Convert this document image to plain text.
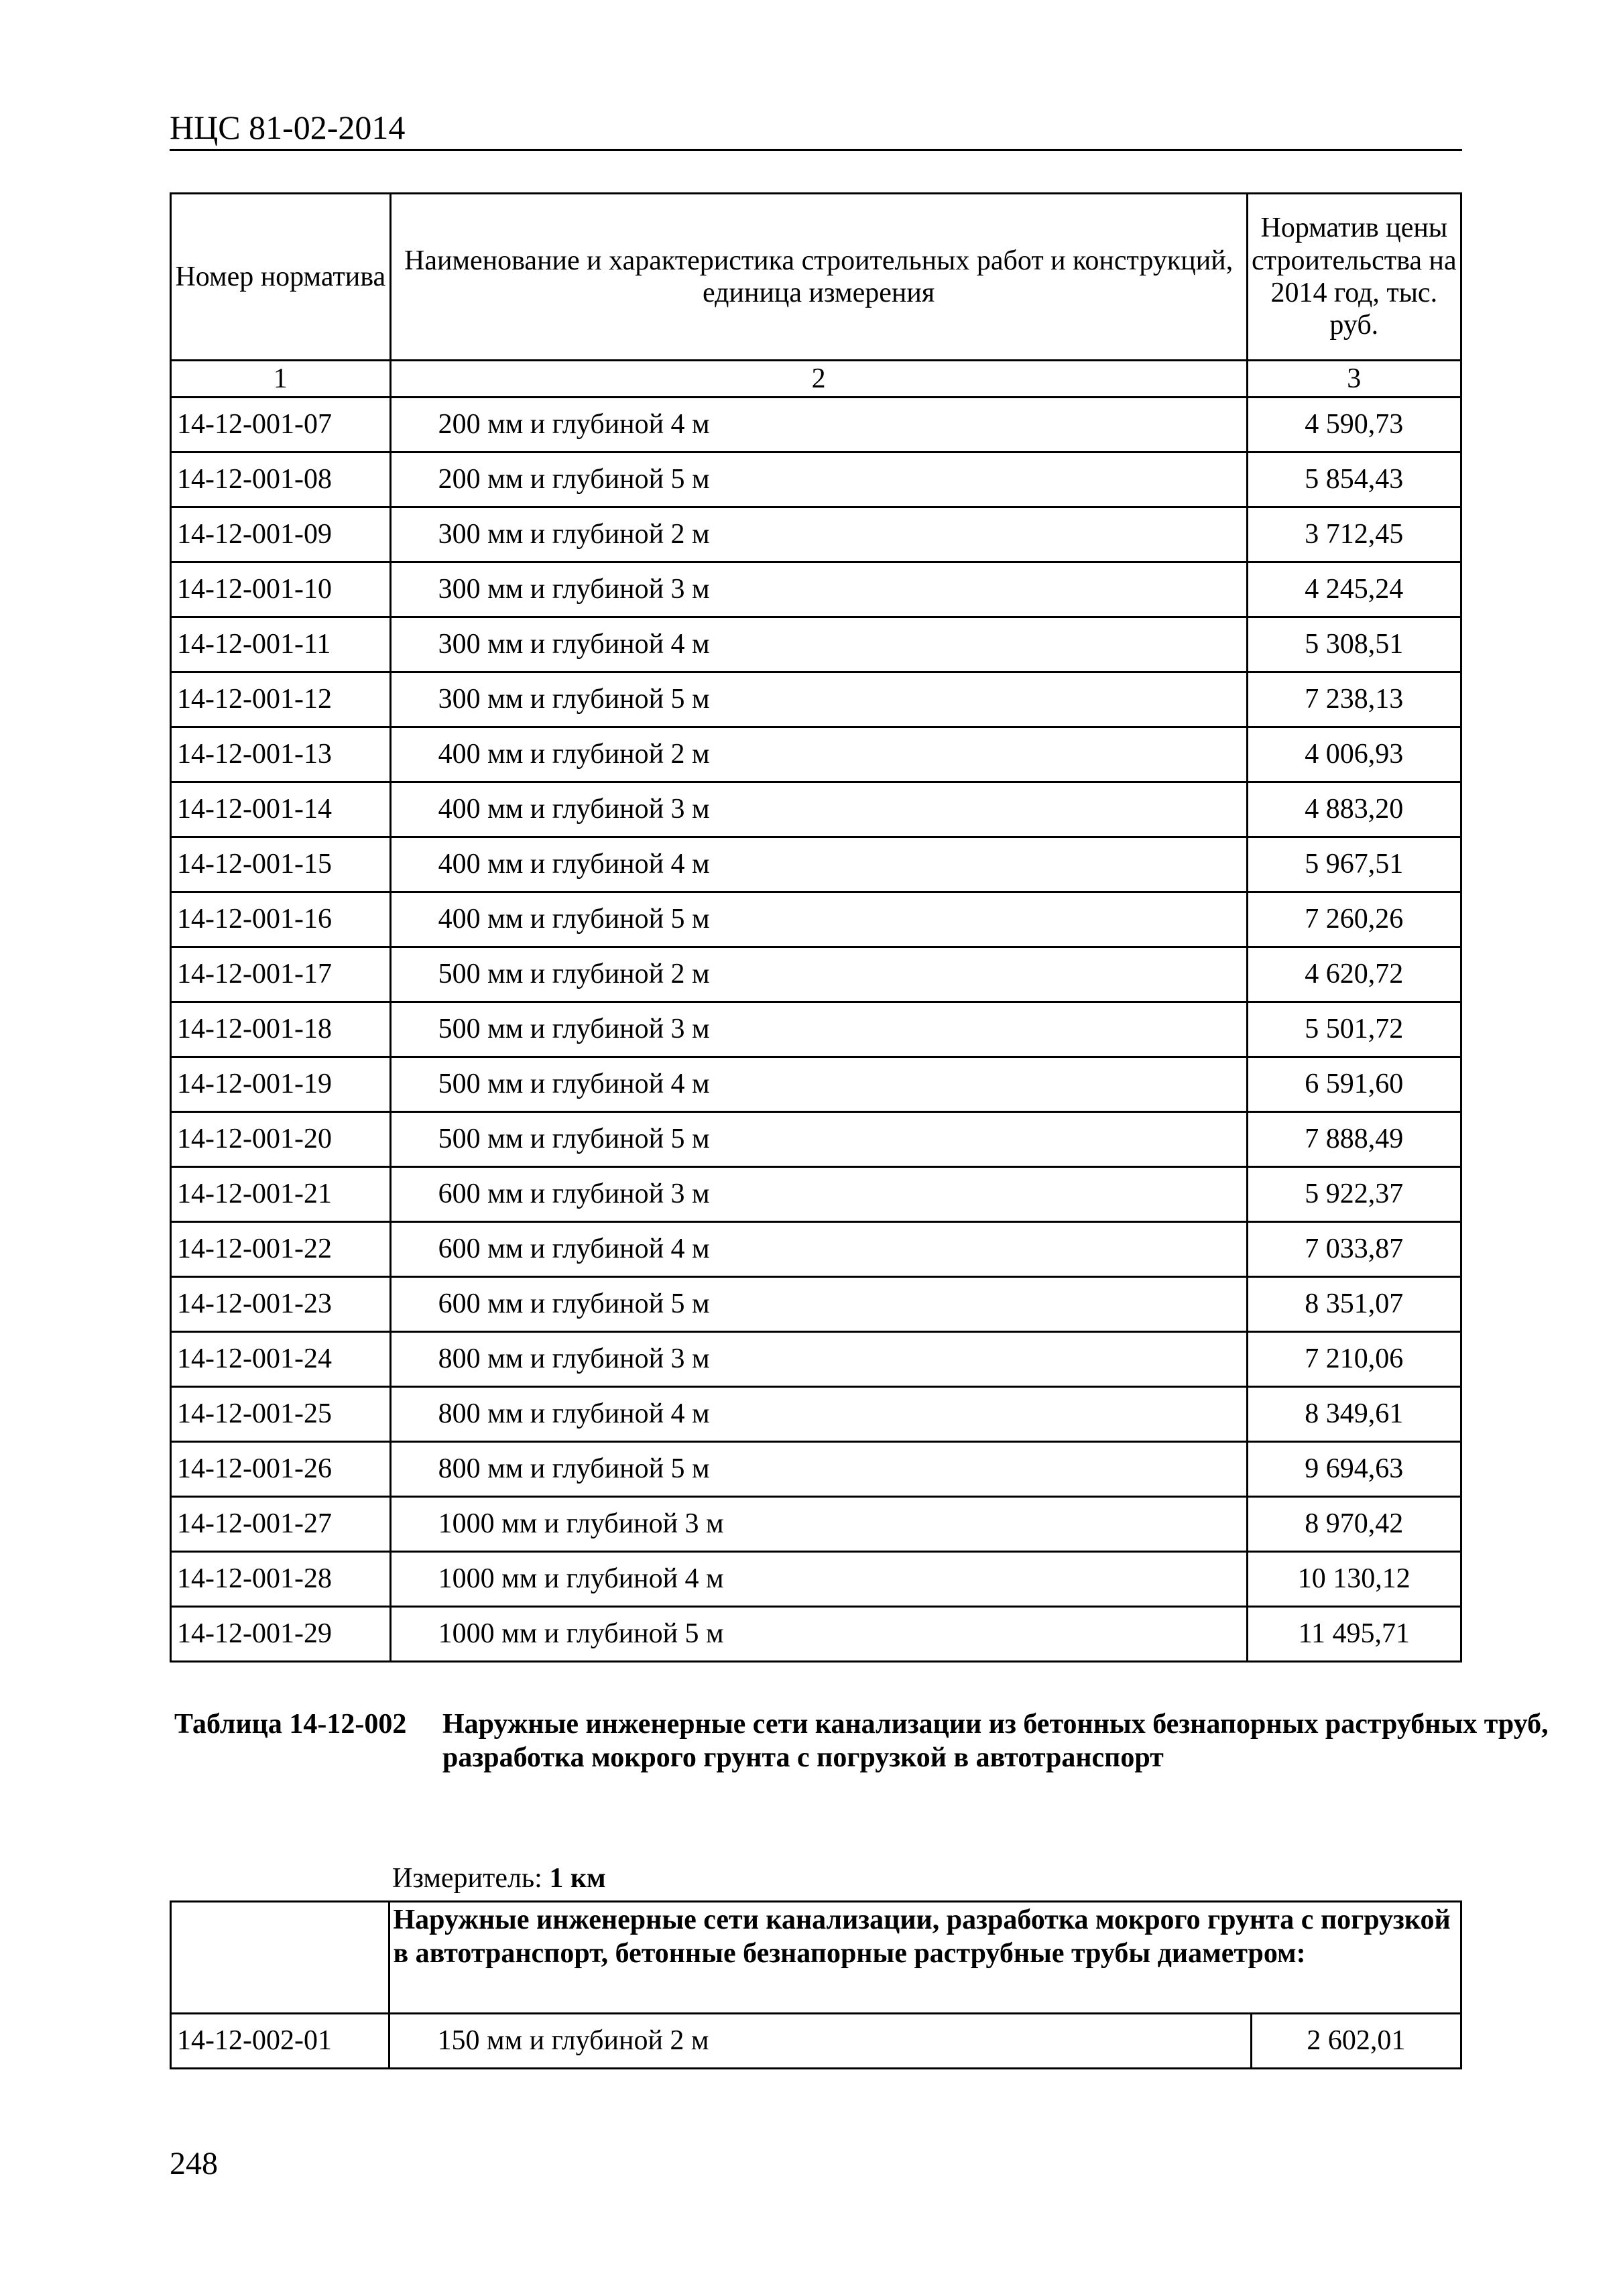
НЦС 81-02-2014
Номер норматива	Наименование и характеристика строительных работ и конструкций, единица измерения	Норматив цены строительства на 2014 год, тыс. руб.
1	2	3
14-12-001-07	200 мм и глубиной 4 м	4 590,73
14-12-001-08	200 мм и глубиной 5 м	5 854,43
14-12-001-09	300 мм и глубиной 2 м	3 712,45
14-12-001-10	300 мм и глубиной 3 м	4 245,24
14-12-001-11	300 мм и глубиной 4 м	5 308,51
14-12-001-12	300 мм и глубиной 5 м	7 238,13
14-12-001-13	400 мм и глубиной 2 м	4 006,93
14-12-001-14	400 мм и глубиной 3 м	4 883,20
14-12-001-15	400 мм и глубиной 4 м	5 967,51
14-12-001-16	400 мм и глубиной 5 м	7 260,26
14-12-001-17	500 мм и глубиной 2 м	4 620,72
14-12-001-18	500 мм и глубиной 3 м	5 501,72
14-12-001-19	500 мм и глубиной 4 м	6 591,60
14-12-001-20	500 мм и глубиной 5 м	7 888,49
14-12-001-21	600 мм и глубиной 3 м	5 922,37
14-12-001-22	600 мм и глубиной 4 м	7 033,87
14-12-001-23	600 мм и глубиной 5 м	8 351,07
14-12-001-24	800 мм и глубиной 3 м	7 210,06
14-12-001-25	800 мм и глубиной 4 м	8 349,61
14-12-001-26	800 мм и глубиной 5 м	9 694,63
14-12-001-27	1000 мм и глубиной 3 м	8 970,42
14-12-001-28	1000 мм и глубиной 4 м	10 130,12
14-12-001-29	1000 мм и глубиной 5 м	11 495,71
Таблица 14-12-002 Наружные инженерные сети канализации из бетонных безнапорных раструбных труб, разработка мокрого грунта с погрузкой в автотранспорт
Измеритель: 1 км
	Наружные инженерные сети канализации, разработка мокрого грунта с погрузкой в автотранспорт, бетонные безнапорные раструбные трубы диаметром:	
14-12-002-01	150 мм и глубиной 2 м	2 602,01
248
